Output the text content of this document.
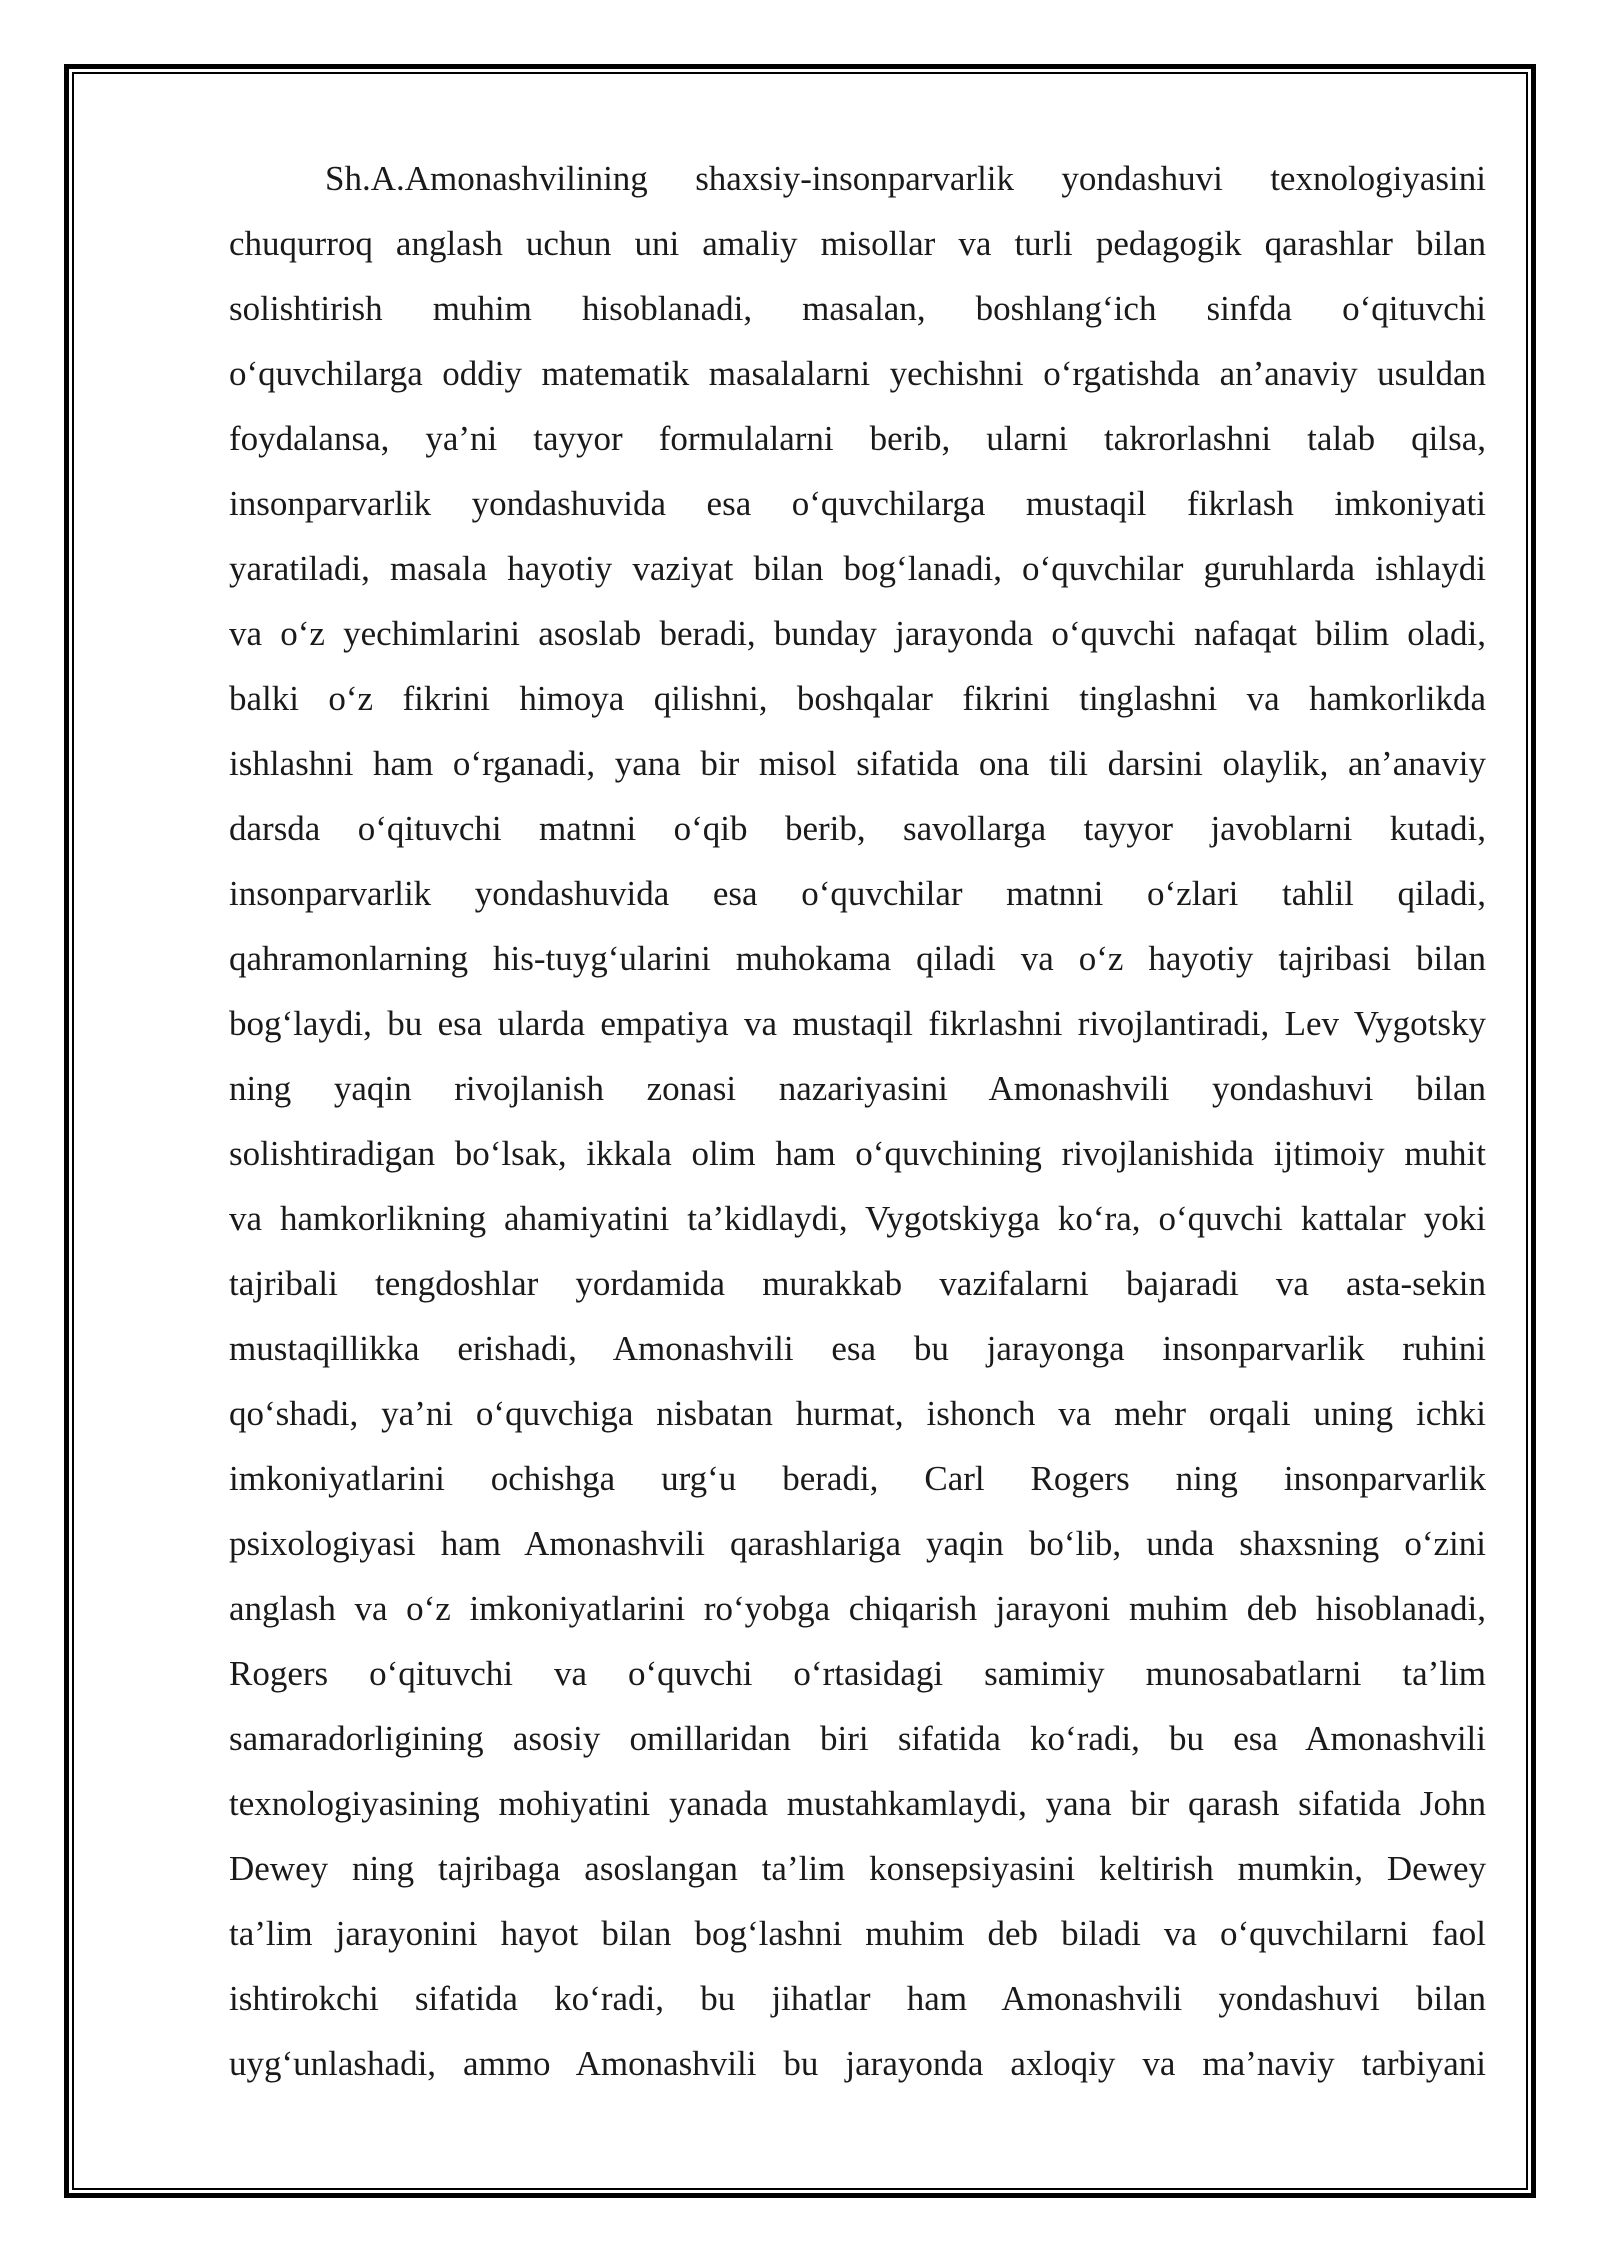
Sh.A.Amonashvilining shaxsiy-insonparvarlik yondashuvi texnologiyasini
chuqurroq anglash uchun uni amaliy misollar va turli pedagogik qarashlar bilan
solishtirish muhim hisoblanadi, masalan, boshlang‘ich sinfda o‘qituvchi
o‘quvchilarga oddiy matematik masalalarni yechishni o‘rgatishda an’anaviy usuldan
foydalansa, ya’ni tayyor formulalarni berib, ularni takrorlashni talab qilsa,
insonparvarlik yondashuvida esa o‘quvchilarga mustaqil fikrlash imkoniyati
yaratiladi, masala hayotiy vaziyat bilan bog‘lanadi, o‘quvchilar guruhlarda ishlaydi
va o‘z yechimlarini asoslab beradi, bunday jarayonda o‘quvchi nafaqat bilim oladi,
balki o‘z fikrini himoya qilishni, boshqalar fikrini tinglashni va hamkorlikda
ishlashni ham o‘rganadi, yana bir misol sifatida ona tili darsini olaylik, an’anaviy
darsda o‘qituvchi matnni o‘qib berib, savollarga tayyor javoblarni kutadi,
insonparvarlik yondashuvida esa o‘quvchilar matnni o‘zlari tahlil qiladi,
qahramonlarning his-tuyg‘ularini muhokama qiladi va o‘z hayotiy tajribasi bilan
bog‘laydi, bu esa ularda empatiya va mustaqil fikrlashni rivojlantiradi, Lev Vygotsky
ning yaqin rivojlanish zonasi nazariyasini Amonashvili yondashuvi bilan
solishtiradigan bo‘lsak, ikkala olim ham o‘quvchining rivojlanishida ijtimoiy muhit
va hamkorlikning ahamiyatini ta’kidlaydi, Vygotskiyga ko‘ra, o‘quvchi kattalar yoki
tajribali tengdoshlar yordamida murakkab vazifalarni bajaradi va asta-sekin
mustaqillikka erishadi, Amonashvili esa bu jarayonga insonparvarlik ruhini
qo‘shadi, ya’ni o‘quvchiga nisbatan hurmat, ishonch va mehr orqali uning ichki
imkoniyatlarini ochishga urg‘u beradi, Carl Rogers ning insonparvarlik
psixologiyasi ham Amonashvili qarashlariga yaqin bo‘lib, unda shaxsning o‘zini
anglash va o‘z imkoniyatlarini ro‘yobga chiqarish jarayoni muhim deb hisoblanadi,
Rogers o‘qituvchi va o‘quvchi o‘rtasidagi samimiy munosabatlarni ta’lim
samaradorligining asosiy omillaridan biri sifatida ko‘radi, bu esa Amonashvili
texnologiyasining mohiyatini yanada mustahkamlaydi, yana bir qarash sifatida John
Dewey ning tajribaga asoslangan ta’lim konsepsiyasini keltirish mumkin, Dewey
ta’lim jarayonini hayot bilan bog‘lashni muhim deb biladi va o‘quvchilarni faol
ishtirokchi sifatida ko‘radi, bu jihatlar ham Amonashvili yondashuvi bilan
uyg‘unlashadi, ammo Amonashvili bu jarayonda axloqiy va ma’naviy tarbiyani
